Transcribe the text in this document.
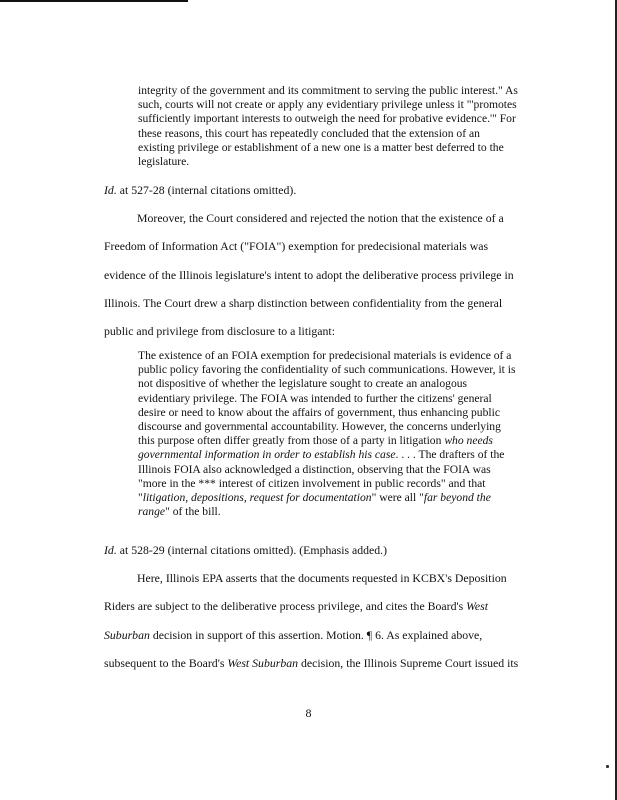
integrity of the government and its commitment to serving the public interest." As such, courts will not create or apply any evidentiary privilege unless it "'promotes sufficiently important interests to outweigh the need for probative evidence.'" For these reasons, this court has repeatedly concluded that the extension of an existing privilege or establishment of a new one is a matter best deferred to the legislature.

Id. at 527-28 (internal citations omitted).

Moreover, the Court considered and rejected the notion that the existence of a Freedom of Information Act ("FOIA") exemption for predecisional materials was evidence of the Illinois legislature's intent to adopt the deliberative process privilege in Illinois. The Court drew a sharp distinction between confidentiality from the general public and privilege from disclosure to a litigant:

The existence of an FOIA exemption for predecisional materials is evidence of a public policy favoring the confidentiality of such communications. However, it is not dispositive of whether the legislature sought to create an analogous evidentiary privilege. The FOIA was intended to further the citizens' general desire or need to know about the affairs of government, thus enhancing public discourse and governmental accountability. However, the concerns underlying this purpose often differ greatly from those of a party in litigation who needs governmental information in order to establish his case. . . . The drafters of the Illinois FOIA also acknowledged a distinction, observing that the FOIA was "more in the *** interest of citizen involvement in public records" and that "litigation, depositions, request for documentation" were all "far beyond the range" of the bill.

Id. at 528-29 (internal citations omitted). (Emphasis added.)

Here, Illinois EPA asserts that the documents requested in KCBX's Deposition Riders are subject to the deliberative process privilege, and cites the Board's West Suburban decision in support of this assertion. Motion. ¶ 6. As explained above, subsequent to the Board's West Suburban decision, the Illinois Supreme Court issued its

8
